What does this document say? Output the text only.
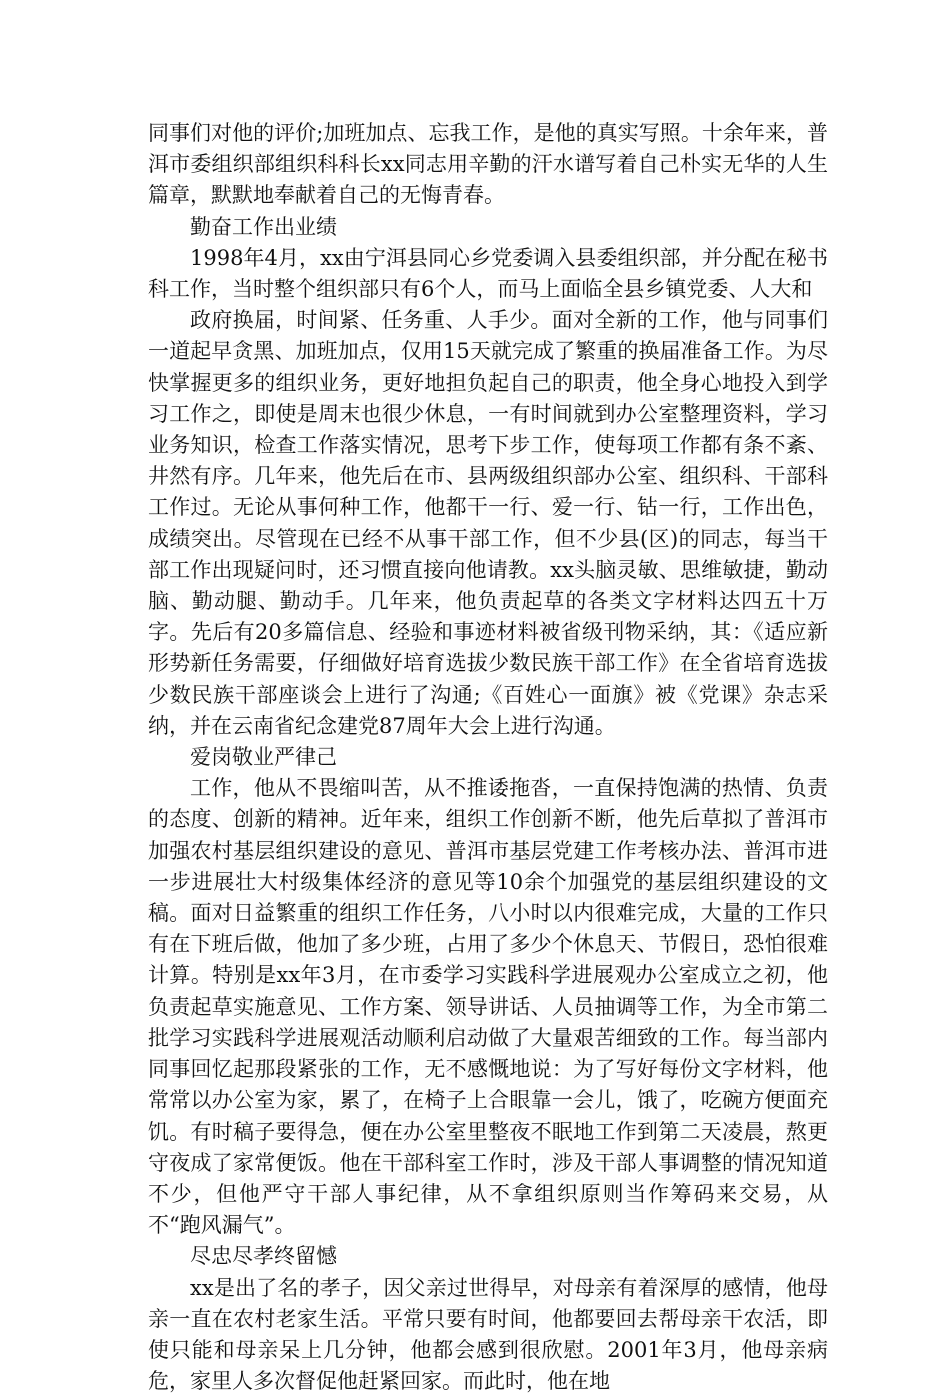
同事们对他的评价;加班加点、忘我工作，是他的真实写照。十余年来，普洱市委组织部组织科科长xx同志用辛勤的汗水谱写着自己朴实无华的人生篇章，默默地奉献着自己的无悔青春。

勤奋工作出业绩

1998年4月，xx由宁洱县同心乡党委调入县委组织部，并分配在秘书科工作，当时整个组织部只有6个人，而马上面临全县乡镇党委、人大和

政府换届，时间紧、任务重、人手少。面对全新的工作，他与同事们一道起早贪黑、加班加点，仅用15天就完成了繁重的换届准备工作。为尽快掌握更多的组织业务，更好地担负起自己的职责，他全身心地投入到学习工作之，即使是周末也很少休息，一有时间就到办公室整理资料，学习业务知识，检查工作落实情况，思考下步工作，使每项工作都有条不紊、井然有序。几年来，他先后在市、县两级组织部办公室、组织科、干部科工作过。无论从事何种工作，他都干一行、爱一行、钻一行，工作出色，成绩突出。尽管现在已经不从事干部工作，但不少县(区)的同志，每当干部工作出现疑问时，还习惯直接向他请教。xx头脑灵敏、思维敏捷，勤动脑、勤动腿、勤动手。几年来，他负责起草的各类文字材料达四五十万字。先后有20多篇信息、经验和事迹材料被省级刊物采纳，其：《适应新形势新任务需要，仔细做好培育选拔少数民族干部工作》在全省培育选拔少数民族干部座谈会上进行了沟通;《百姓心一面旗》被《党课》杂志采纳，并在云南省纪念建党87周年大会上进行沟通。

爱岗敬业严律己

工作，他从不畏缩叫苦，从不推诿拖沓，一直保持饱满的热情、负责的态度、创新的精神。近年来，组织工作创新不断，他先后草拟了普洱市加强农村基层组织建设的意见、普洱市基层党建工作考核办法、普洱市进一步进展壮大村级集体经济的意见等10余个加强党的基层组织建设的文稿。面对日益繁重的组织工作任务，八小时以内很难完成，大量的工作只有在下班后做，他加了多少班，占用了多少个休息天、节假日，恐怕很难计算。特别是xx年3月，在市委学习实践科学进展观办公室成立之初，他负责起草实施意见、工作方案、领导讲话、人员抽调等工作，为全市第二批学习实践科学进展观活动顺利启动做了大量艰苦细致的工作。每当部内同事回忆起那段紧张的工作，无不感慨地说：为了写好每份文字材料，他常常以办公室为家，累了，在椅子上合眼靠一会儿，饿了，吃碗方便面充饥。有时稿子要得急，便在办公室里整夜不眠地工作到第二天凌晨，熬更守夜成了家常便饭。他在干部科室工作时，涉及干部人事调整的情况知道不少，但他严守干部人事纪律，从不拿组织原则当作筹码来交易，从不“跑风漏气”。

尽忠尽孝终留憾

xx是出了名的孝子，因父亲过世得早，对母亲有着深厚的感情，他母亲一直在农村老家生活。平常只要有时间，他都要回去帮母亲干农活，即使只能和母亲呆上几分钟，他都会感到很欣慰。2001年3月，他母亲病危，家里人多次督促他赶紧回家。而此时，他在地
